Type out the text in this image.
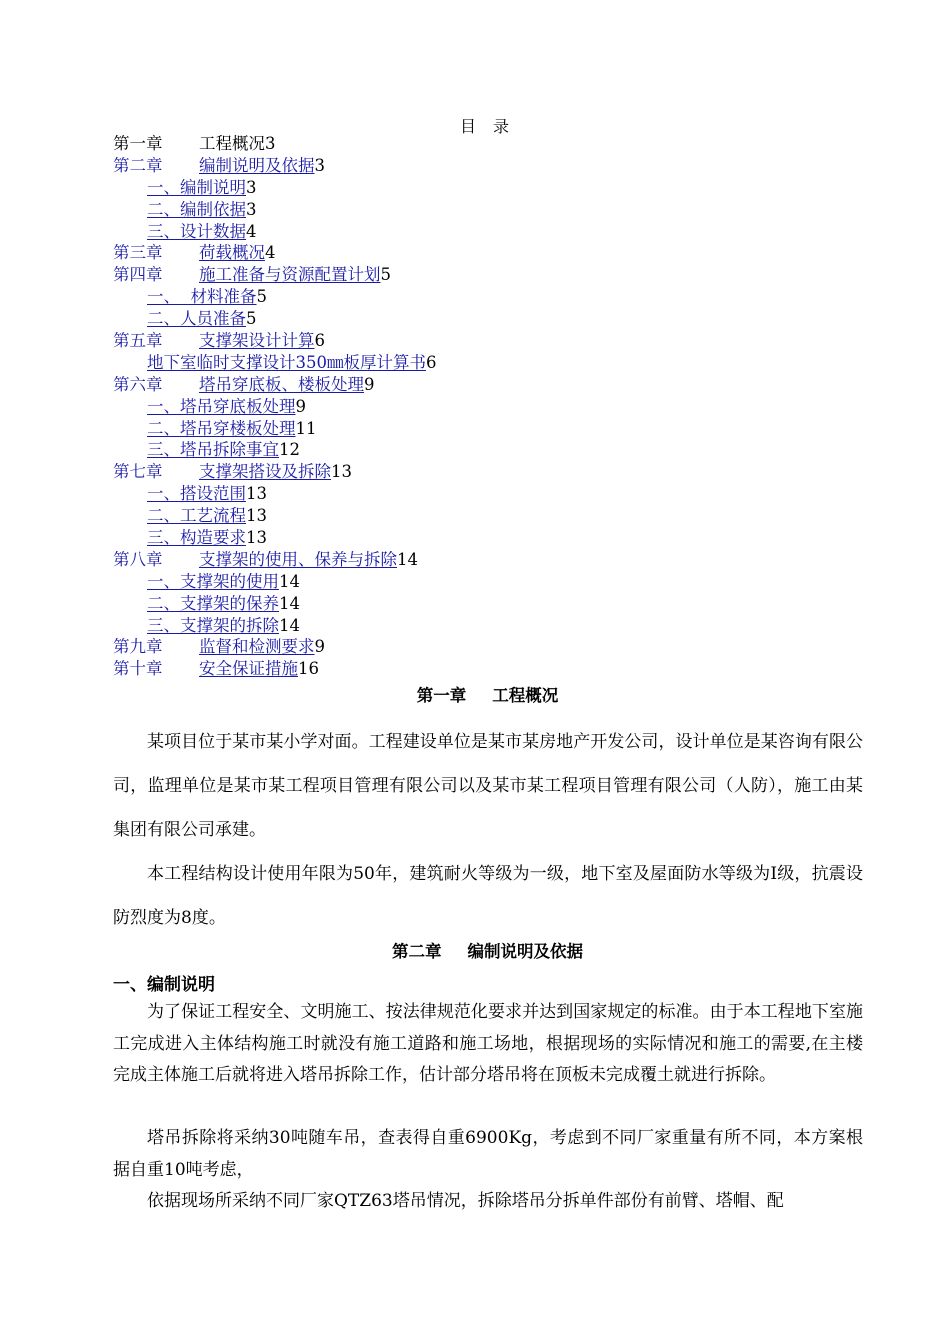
目 录
第一章 工程概况3
第二章 编制说明及依据3
一、编制说明3
二、编制依据3
三、设计数据4
第三章 荷载概况4
第四章 施工准备与资源配置计划5
一、  材料准备5
二、人员准备5
第五章 支撑架设计计算6
地下室临时支撑设计350㎜板厚计算书6
第六章 塔吊穿底板、楼板处理9
一、塔吊穿底板处理9
二、塔吊穿楼板处理11
三、塔吊拆除事宜12
第七章 支撑架搭设及拆除13
一、搭设范围13
二、工艺流程13
三、构造要求13
第八章 支撑架的使用、保养与拆除14
一、支撑架的使用14
二、支撑架的保养14
三、支撑架的拆除14
第九章 监督和检测要求9
第十章 安全保证措施16
第一章 工程概况
某项目位于某市某小学对面。工程建设单位是某市某房地产开发公司，设计单位是某咨询有限公司，监理单位是某市某工程项目管理有限公司以及某市某工程项目管理有限公司（人防），施工由某集团有限公司承建。
本工程结构设计使用年限为50年，建筑耐火等级为一级，地下室及屋面防水等级为Ⅰ级，抗震设防烈度为8度。
第二章 编制说明及依据
一、编制说明
为了保证工程安全、文明施工、按法律规范化要求并达到国家规定的标准。由于本工程地下室施工完成进入主体结构施工时就没有施工道路和施工场地，根据现场的实际情况和施工的需要,在主楼完成主体施工后就将进入塔吊拆除工作，估计部分塔吊将在顶板未完成覆土就进行拆除。
塔吊拆除将采纳30吨随车吊，查表得自重6900Kg，考虑到不同厂家重量有所不同，本方案根据自重10吨考虑，
依据现场所采纳不同厂家QTZ63塔吊情况，拆除塔吊分拆单件部份有前臂、塔帽、配
